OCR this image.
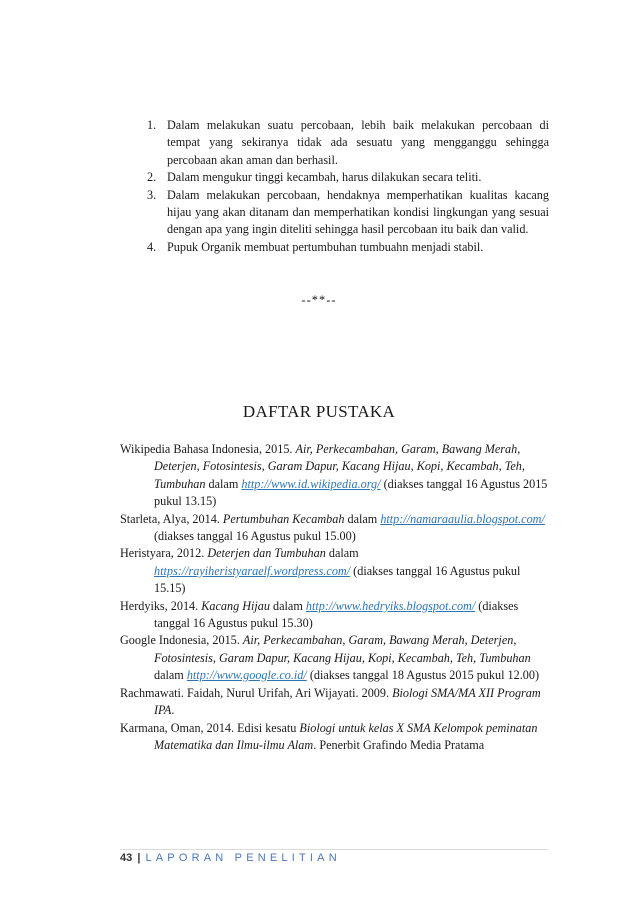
1. Dalam melakukan suatu percobaan, lebih baik melakukan percobaan di tempat yang sekiranya tidak ada sesuatu yang mengganggu sehingga percobaan akan aman dan berhasil.
2. Dalam mengukur tinggi kecambah, harus dilakukan secara teliti.
3. Dalam melakukan percobaan, hendaknya memperhatikan kualitas kacang hijau yang akan ditanam dan memperhatikan kondisi lingkungan yang sesuai dengan apa yang ingin diteliti sehingga hasil percobaan itu baik dan valid.
4. Pupuk Organik membuat pertumbuhan tumbuahn menjadi stabil.
--**--
DAFTAR PUSTAKA
Wikipedia Bahasa Indonesia, 2015. Air, Perkecambahan, Garam, Bawang Merah, Deterjen, Fotosintesis, Garam Dapur, Kacang Hijau, Kopi, Kecambah, Teh, Tumbuhan dalam http://www.id.wikipedia.org/ (diakses tanggal 16 Agustus 2015 pukul 13.15)
Starleta, Alya, 2014. Pertumbuhan Kecambah dalam http://namaraaulia.blogspot.com/ (diakses tanggal 16 Agustus pukul 15.00)
Heristyara, 2012. Deterjen dan Tumbuhan dalam https://rayiheristyaraelf.wordpress.com/ (diakses tanggal 16 Agustus pukul 15.15)
Herdyiks, 2014. Kacang Hijau dalam http://www.hedryiks.blogspot.com/ (diakses tanggal 16 Agustus pukul 15.30)
Google Indonesia, 2015. Air, Perkecambahan, Garam, Bawang Merah, Deterjen, Fotosintesis, Garam Dapur, Kacang Hijau, Kopi, Kecambah, Teh, Tumbuhan dalam http://www.google.co.id/ (diakses tanggal 18 Agustus 2015 pukul 12.00)
Rachmawati. Faidah, Nurul Urifah, Ari Wijayati. 2009. Biologi SMA/MA XII Program IPA.
Karmana, Oman, 2014. Edisi kesatu Biologi untuk kelas X SMA Kelompok peminatan Matematika dan Ilmu-ilmu Alam. Penerbit Grafindo Media Pratama
43 | LAPORAN PENELITIAN
